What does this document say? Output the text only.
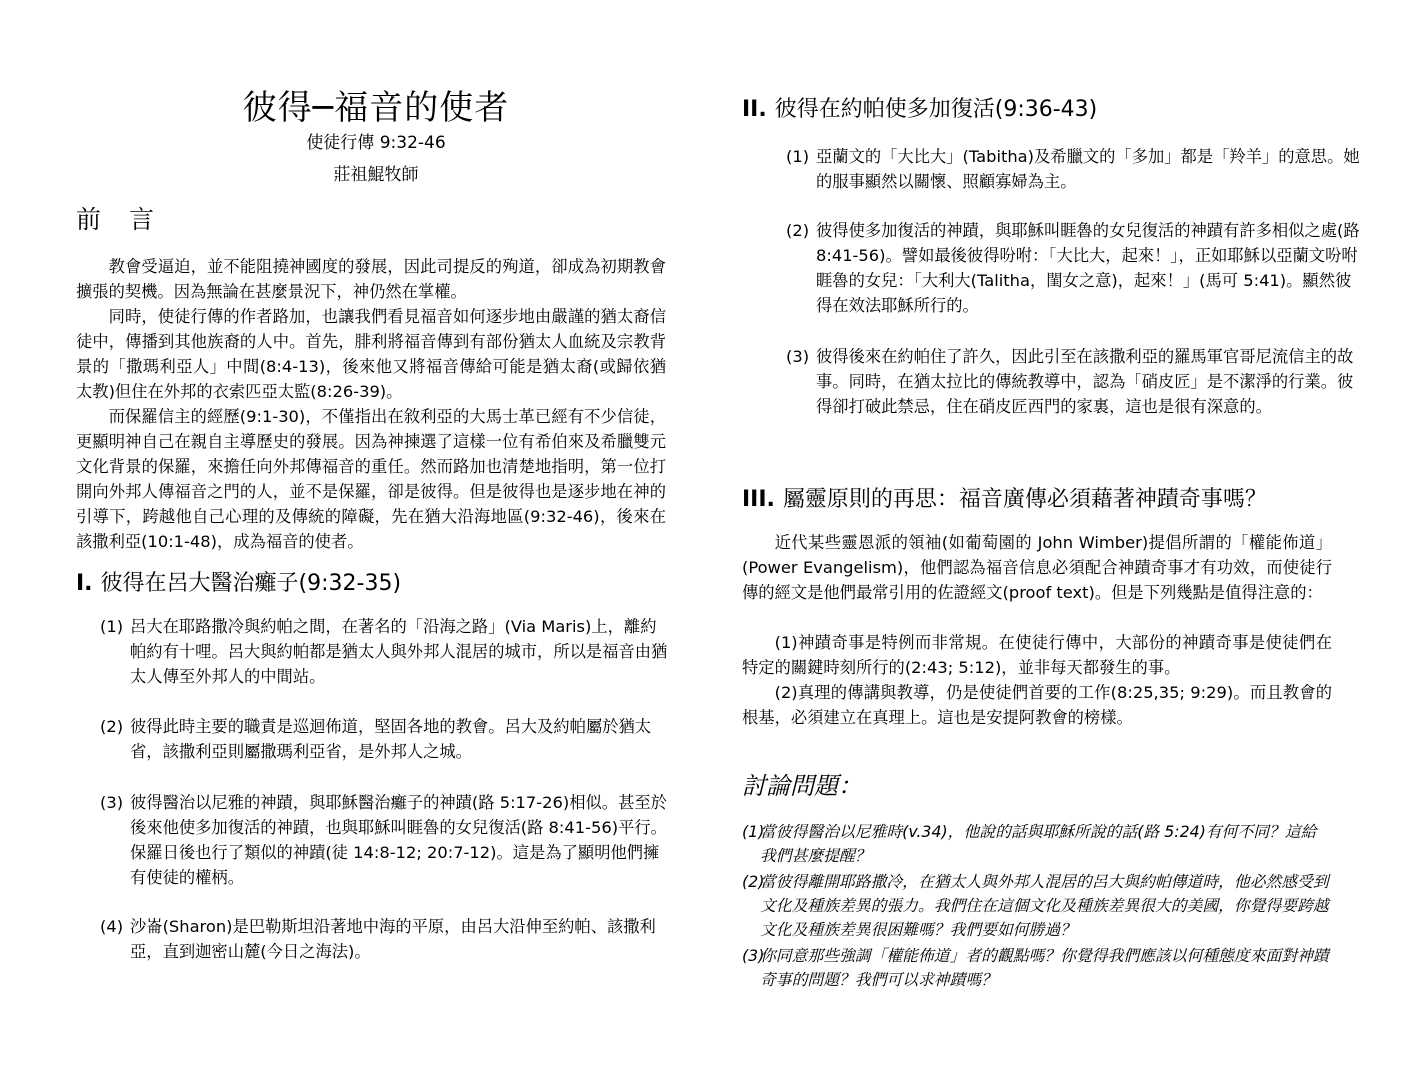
彼得─福音的使者
使徒行傳 9:32-46
莊祖鯤牧師
前 言
教會受逼迫，並不能阻撓神國度的發展，因此司提反的殉道，卻成為初期教會擴張的契機。因為無論在甚麼景況下，神仍然在掌權。
同時，使徒行傳的作者路加，也讓我們看見福音如何逐步地由嚴謹的猶太裔信徒中，傳播到其他族裔的人中。首先，腓利將福音傳到有部份猶太人血統及宗教背景的「撒瑪利亞人」中間(8:4-13)，後來他又將福音傳給可能是猶太裔(或歸依猶太教)但住在外邦的衣索匹亞太監(8:26-39)。
而保羅信主的經歷(9:1-30)，不僅指出在敘利亞的大馬士革已經有不少信徒，更顯明神自己在親自主導歷史的發展。因為神揀選了這樣一位有希伯來及希臘雙元文化背景的保羅，來擔任向外邦傳福音的重任。然而路加也清楚地指明，第一位打開向外邦人傳福音之門的人，並不是保羅，卻是彼得。但是彼得也是逐步地在神的引導下，跨越他自己心理的及傳統的障礙，先在猶大沿海地區(9:32-46)，後來在該撒利亞(10:1-48)，成為福音的使者。
I. 彼得在呂大醫治癱子(9:32-35)
(1) 呂大在耶路撒冷與約帕之間，在著名的「沿海之路」(Via Maris)上，離約帕約有十哩。呂大與約帕都是猶太人與外邦人混居的城市，所以是福音由猶太人傳至外邦人的中間站。
(2) 彼得此時主要的職責是巡迴佈道，堅固各地的教會。呂大及約帕屬於猶太省，該撒利亞則屬撒瑪利亞省，是外邦人之城。
(3) 彼得醫治以尼雅的神蹟，與耶穌醫治癱子的神蹟(路 5:17-26)相似。甚至於後來他使多加復活的神蹟，也與耶穌叫睚魯的女兒復活(路 8:41-56)平行。保羅日後也行了類似的神蹟(徒 14:8-12; 20:7-12)。這是為了顯明他們擁有使徒的權柄。
(4) 沙崙(Sharon)是巴勒斯坦沿著地中海的平原，由呂大沿伸至約帕、該撒利亞，直到迦密山麓(今日之海法)。
II. 彼得在約帕使多加復活(9:36-43)
(1) 亞蘭文的「大比大」(Tabitha)及希臘文的「多加」都是「羚羊」的意思。她的服事顯然以關懷、照顧寡婦為主。
(2) 彼得使多加復活的神蹟，與耶穌叫睚魯的女兒復活的神蹟有許多相似之處(路 8:41-56)。譬如最後彼得吩咐：「大比大，起來！」，正如耶穌以亞蘭文吩咐睚魯的女兒：「大利大(Talitha，閨女之意)，起來！」(馬可 5:41)。顯然彼得在效法耶穌所行的。
(3) 彼得後來在約帕住了許久，因此引至在該撒利亞的羅馬軍官哥尼流信主的故事。同時，在猶太拉比的傳統教導中，認為「硝皮匠」是不潔淨的行業。彼得卻打破此禁忌，住在硝皮匠西門的家裏，這也是很有深意的。
III. 屬靈原則的再思：福音廣傳必須藉著神蹟奇事嗎？
近代某些靈恩派的領袖(如葡萄園的 John Wimber)提倡所謂的「權能佈道」(Power Evangelism)，他們認為福音信息必須配合神蹟奇事才有功效，而使徒行傳的經文是他們最常引用的佐證經文(proof text)。但是下列幾點是值得注意的：
(1)神蹟奇事是特例而非常規。在使徒行傳中，大部份的神蹟奇事是使徒們在特定的關鍵時刻所行的(2:43; 5:12)，並非每天都發生的事。
(2)真理的傳講與教導，仍是使徒們首要的工作(8:25,35; 9:29)。而且教會的根基，必須建立在真理上。這也是安提阿教會的榜樣。
討論問題：
(1)
當彼得醫治以尼雅時(v.34)，他說的話與耶穌所說的話(路 5:24)有何不同？這給我們甚麼提醒？
(2)
當彼得離開耶路撒冷，在猶太人與外邦人混居的呂大與約帕傳道時，他必然感受到文化及種族差異的張力。我們住在這個文化及種族差異很大的美國，你覺得要跨越文化及種族差異很困難嗎？我們要如何勝過？
(3)
你同意那些強調「權能佈道」者的觀點嗎？你覺得我們應該以何種態度來面對神蹟奇事的問題？我們可以求神蹟嗎？
